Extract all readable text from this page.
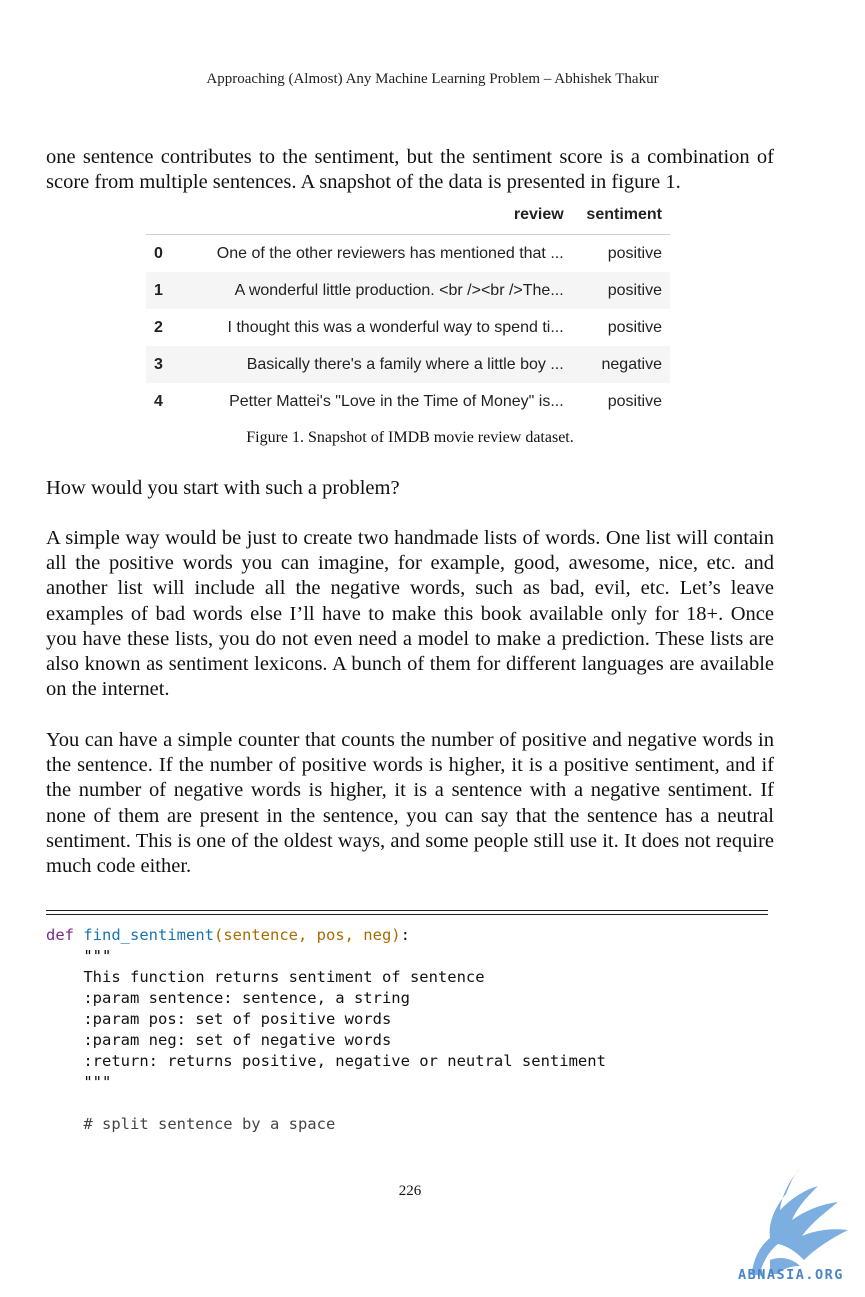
Approaching (Almost) Any Machine Learning Problem – Abhishek Thakur

one sentence contributes to the sentiment, but the sentiment score is a combination of score from multiple sentences. A snapshot of the data is presented in figure 1.

	review	sentiment
0	One of the other reviewers has mentioned that ...	positive
1	A wonderful little production. <br /><br />The...	positive
2	I thought this was a wonderful way to spend ti...	positive
3	Basically there's a family where a little boy ...	negative
4	Petter Mattei's "Love in the Time of Money" is...	positive
Figure 1. Snapshot of IMDB movie review dataset.

How would you start with such a problem?

A simple way would be just to create two handmade lists of words. One list will contain all the positive words you can imagine, for example, good, awesome, nice, etc. and another list will include all the negative words, such as bad, evil, etc. Let’s leave examples of bad words else I’ll have to make this book available only for 18+. Once you have these lists, you do not even need a model to make a prediction. These lists are also known as sentiment lexicons. A bunch of them for different languages are available on the internet.

You can have a simple counter that counts the number of positive and negative words in the sentence. If the number of positive words is higher, it is a positive sentiment, and if the number of negative words is higher, it is a sentence with a negative sentiment. If none of them are present in the sentence, you can say that the sentence has a neutral sentiment. This is one of the oldest ways, and some people still use it. It does not require much code either.

def find_sentiment(sentence, pos, neg):
"""
This function returns sentiment of sentence
:param sentence: sentence, a string
:param pos: set of positive words
:param neg: set of negative words
:return: returns positive, negative or neutral sentiment
"""

# split sentence by a space
226
ABNASIA.ORG
